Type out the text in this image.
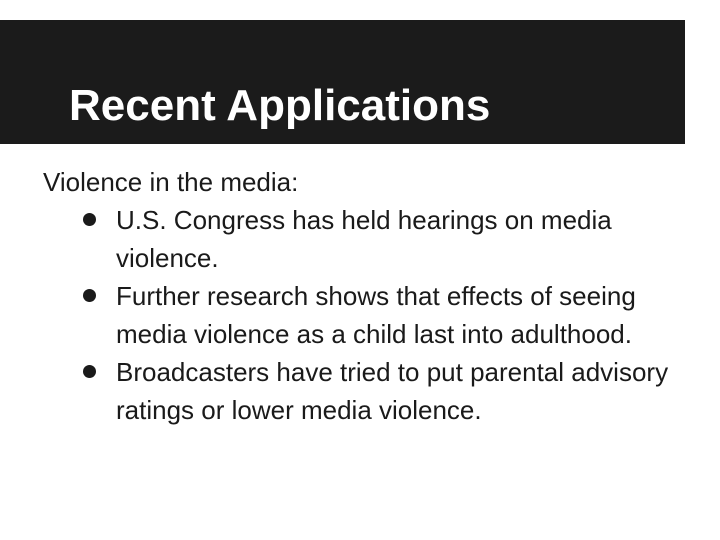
Recent Applications

Violence in the media:

U.S. Congress has held hearings on media violence.
Further research shows that effects of seeing media violence as a child last into adulthood.
Broadcasters have tried to put parental advisory ratings or lower media violence.
